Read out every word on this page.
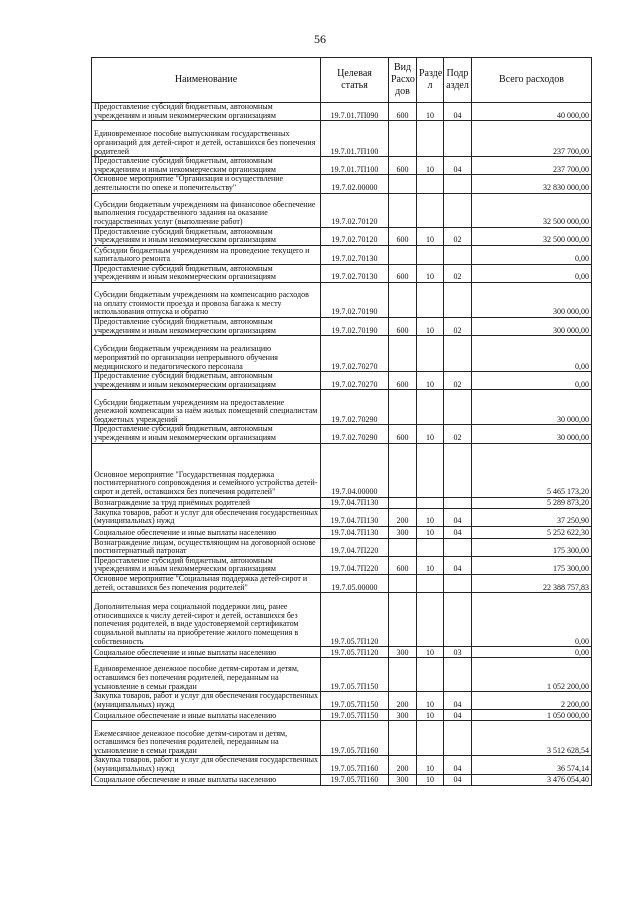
56
Наименование	Целевая статья	Вид Расхо дов	Разде л	Подр аздел	Всего расходов
Предоставление субсидий бюджетным, автономным учреждениям и иным некоммерческим организациям	19.7.01.7П090	600	10	04	40 000,00
Единовременное пособие выпускникам государственных организаций для детей-сирот и детей, оставшихся без попечения родителей	19.7.01.7П100				237 700,00
Предоставление субсидий бюджетным, автономным учреждениям и иным некоммерческим организациям	19.7.01.7П100	600	10	04	237 700,00
Основное мероприятие "Организация и осуществление деятельности по опеке и попечительству"	19.7.02.00000				32 830 000,00
Субсидии бюджетным учреждениям на финансовое обеспечение выполнения государственного задания на оказание государственных услуг (выполнение работ)	19.7.02.70120				32 500 000,00
Предоставление субсидий бюджетным, автономным учреждениям и иным некоммерческим организациям	19.7.02.70120	600	10	02	32 500 000,00
Субсидии бюджетным учреждениям на проведение текущего и капитального ремонта	19.7.02.70130				0,00
Предоставление субсидий бюджетным, автономным учреждениям и иным некоммерческим организациям	19.7.02.70130	600	10	02	0,00
Субсидии бюджетным учреждениям на компенсацию расходов на оплату стоимости проезда и провоза багажа к месту использования отпуска и обратно	19.7.02.70190				300 000,00
Предоставление субсидий бюджетным, автономным учреждениям и иным некоммерческим организациям	19.7.02.70190	600	10	02	300 000,00
Субсидии бюджетным учреждениям на реализацию мероприятий по организации непрерывного обучения медицинского и педагогического персонала	19.7.02.70270				0,00
Предоставление субсидий бюджетным, автономным учреждениям и иным некоммерческим организациям	19.7.02.70270	600	10	02	0,00
Субсидии бюджетным учреждениям на предоставление денежной компенсации за наём жилых помещений специалистам бюджетных учреждений	19.7.02.70290				30 000,00
Предоставление субсидий бюджетным, автономным учреждениям и иным некоммерческим организациям	19.7.02.70290	600	10	02	30 000,00
Основное мероприятие "Государственная поддержка постинтернатного сопровождения и семейного устройства детей-сирот и детей, оставшихся без попечения родителей"	19.7.04.00000				5 465 173,20
Вознаграждение за труд приёмных родителей	19.7.04.7П130				5 289 873,20
Закупка товаров, работ и услуг для обеспечения государственных (муниципальных) нужд	19.7.04.7П130	200	10	04	37 250,90
Социальное обеспечение и иные выплаты населению	19.7.04.7П130	300	10	04	5 252 622,30
Вознаграждение лицам, осуществляющим на договорной основе постинтернатный патронат	19.7.04.7П220				175 300,00
Предоставление субсидий бюджетным, автономным учреждениям и иным некоммерческим организациям	19.7.04.7П220	600	10	04	175 300,00
Основное мероприятие "Социальная поддержка детей-сирот и детей, оставшихся без попечения родителей"	19.7.05.00000				22 388 757,83
Дополнительная мера социальной поддержки лиц, ранее относившихся к числу детей-сирот и детей, оставшихся без попечения родителей, в виде удостоверяемой сертификатом социальной выплаты на приобретение жилого помещения в собственность	19.7.05.7П120				0,00
Социальное обеспечение и иные выплаты населению	19.7.05.7П120	300	10	03	0,00
Единовременное денежное пособие детям-сиротам и детям, оставшимся без попечения родителей, переданным на усыновление в семьи граждан	19.7.05.7П150				1 052 200,00
Закупка товаров, работ и услуг для обеспечения государственных (муниципальных) нужд	19.7.05.7П150	200	10	04	2 200,00
Социальное обеспечение и иные выплаты населению	19.7.05.7П150	300	10	04	1 050 000,00
Ежемесячное денежное пособие детям-сиротам и детям, оставшимся без попечения родителей, переданным на усыновление в семьи граждан	19.7.05.7П160				3 512 628,54
Закупка товаров, работ и услуг для обеспечения государственных (муниципальных) нужд	19.7.05.7П160	200	10	04	36 574,14
Социальное обеспечение и иные выплаты населению	19.7.05.7П160	300	10	04	3 476 054,40
